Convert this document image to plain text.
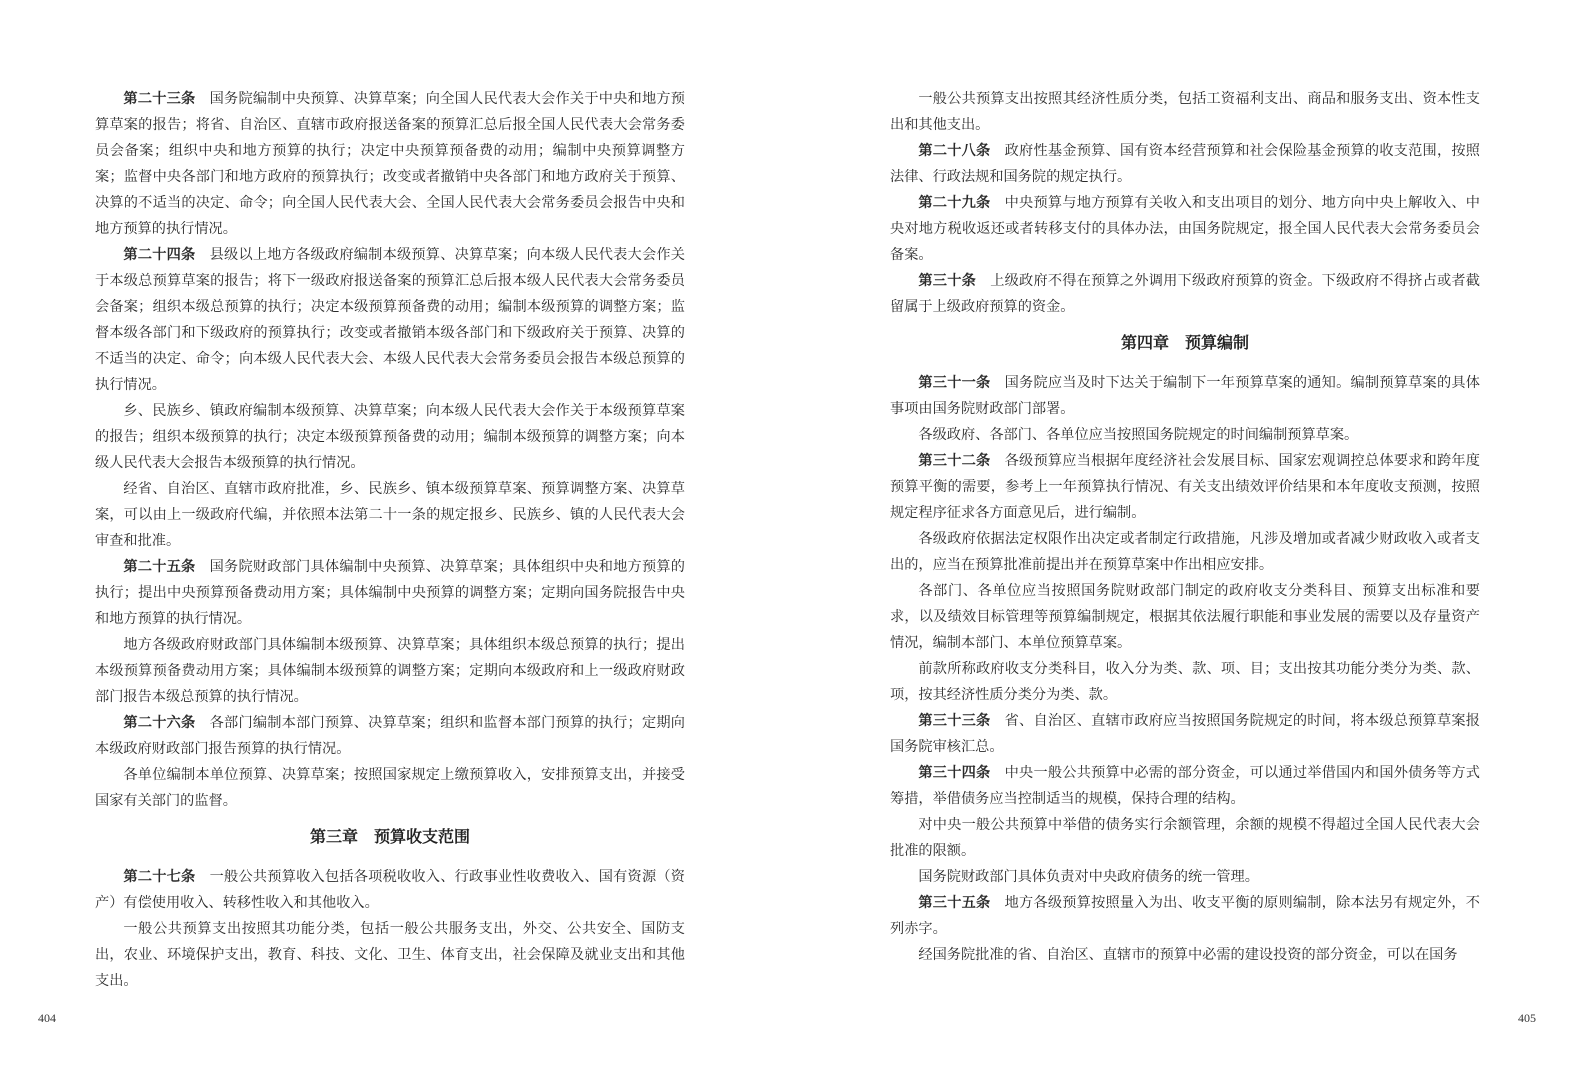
第二十三条 国务院编制中央预算、决算草案；向全国人民代表大会作关于中央和地方预算草案的报告；将省、自治区、直辖市政府报送备案的预算汇总后报全国人民代表大会常务委员会备案；组织中央和地方预算的执行；决定中央预算预备费的动用；编制中央预算调整方案；监督中央各部门和地方政府的预算执行；改变或者撤销中央各部门和地方政府关于预算、决算的不适当的决定、命令；向全国人民代表大会、全国人民代表大会常务委员会报告中央和地方预算的执行情况。

第二十四条 县级以上地方各级政府编制本级预算、决算草案；向本级人民代表大会作关于本级总预算草案的报告；将下一级政府报送备案的预算汇总后报本级人民代表大会常务委员会备案；组织本级总预算的执行；决定本级预算预备费的动用；编制本级预算的调整方案；监督本级各部门和下级政府的预算执行；改变或者撤销本级各部门和下级政府关于预算、决算的不适当的决定、命令；向本级人民代表大会、本级人民代表大会常务委员会报告本级总预算的执行情况。

乡、民族乡、镇政府编制本级预算、决算草案；向本级人民代表大会作关于本级预算草案的报告；组织本级预算的执行；决定本级预算预备费的动用；编制本级预算的调整方案；向本级人民代表大会报告本级预算的执行情况。

经省、自治区、直辖市政府批准，乡、民族乡、镇本级预算草案、预算调整方案、决算草案，可以由上一级政府代编，并依照本法第二十一条的规定报乡、民族乡、镇的人民代表大会审查和批准。

第二十五条 国务院财政部门具体编制中央预算、决算草案；具体组织中央和地方预算的执行；提出中央预算预备费动用方案；具体编制中央预算的调整方案；定期向国务院报告中央和地方预算的执行情况。

地方各级政府财政部门具体编制本级预算、决算草案；具体组织本级总预算的执行；提出本级预算预备费动用方案；具体编制本级预算的调整方案；定期向本级政府和上一级政府财政部门报告本级总预算的执行情况。

第二十六条 各部门编制本部门预算、决算草案；组织和监督本部门预算的执行；定期向本级政府财政部门报告预算的执行情况。

各单位编制本单位预算、决算草案；按照国家规定上缴预算收入，安排预算支出，并接受国家有关部门的监督。

第三章　预算收支范围

第二十七条 一般公共预算收入包括各项税收收入、行政事业性收费收入、国有资源（资产）有偿使用收入、转移性收入和其他收入。

一般公共预算支出按照其功能分类，包括一般公共服务支出，外交、公共安全、国防支出，农业、环境保护支出，教育、科技、文化、卫生、体育支出，社会保障及就业支出和其他支出。

一般公共预算支出按照其经济性质分类，包括工资福利支出、商品和服务支出、资本性支出和其他支出。

第二十八条 政府性基金预算、国有资本经营预算和社会保险基金预算的收支范围，按照法律、行政法规和国务院的规定执行。

第二十九条 中央预算与地方预算有关收入和支出项目的划分、地方向中央上解收入、中央对地方税收返还或者转移支付的具体办法，由国务院规定，报全国人民代表大会常务委员会备案。

第三十条 上级政府不得在预算之外调用下级政府预算的资金。下级政府不得挤占或者截留属于上级政府预算的资金。

第四章　预算编制

第三十一条 国务院应当及时下达关于编制下一年预算草案的通知。编制预算草案的具体事项由国务院财政部门部署。

各级政府、各部门、各单位应当按照国务院规定的时间编制预算草案。

第三十二条 各级预算应当根据年度经济社会发展目标、国家宏观调控总体要求和跨年度预算平衡的需要，参考上一年预算执行情况、有关支出绩效评价结果和本年度收支预测，按照规定程序征求各方面意见后，进行编制。

各级政府依据法定权限作出决定或者制定行政措施，凡涉及增加或者减少财政收入或者支出的，应当在预算批准前提出并在预算草案中作出相应安排。

各部门、各单位应当按照国务院财政部门制定的政府收支分类科目、预算支出标准和要求，以及绩效目标管理等预算编制规定，根据其依法履行职能和事业发展的需要以及存量资产情况，编制本部门、本单位预算草案。

前款所称政府收支分类科目，收入分为类、款、项、目；支出按其功能分类分为类、款、项，按其经济性质分类分为类、款。

第三十三条 省、自治区、直辖市政府应当按照国务院规定的时间，将本级总预算草案报国务院审核汇总。

第三十四条 中央一般公共预算中必需的部分资金，可以通过举借国内和国外债务等方式筹措，举借债务应当控制适当的规模，保持合理的结构。

对中央一般公共预算中举借的债务实行余额管理，余额的规模不得超过全国人民代表大会批准的限额。

国务院财政部门具体负责对中央政府债务的统一管理。

第三十五条 地方各级预算按照量入为出、收支平衡的原则编制，除本法另有规定外，不列赤字。

经国务院批准的省、自治区、直辖市的预算中必需的建设投资的部分资金，可以在国务

404	405
